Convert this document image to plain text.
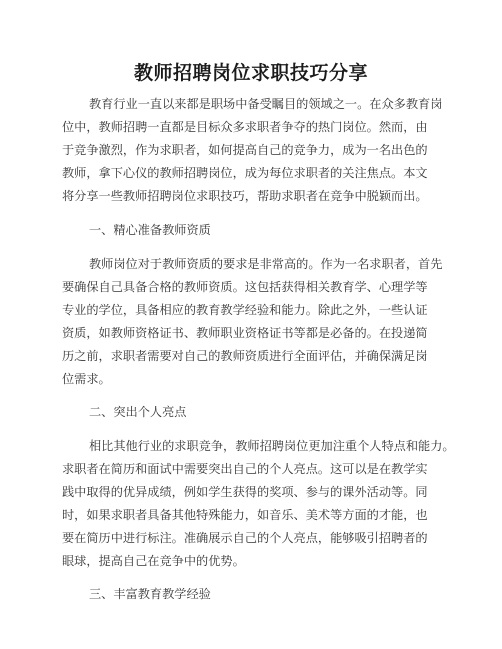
教师招聘岗位求职技巧分享
教育行业一直以来都是职场中备受瞩目的领域之一。在众多教育岗
位中，教师招聘一直都是目标众多求职者争夺的热门岗位。然而，由
于竞争激烈，作为求职者，如何提高自己的竞争力，成为一名出色的
教师，拿下心仪的教师招聘岗位，成为每位求职者的关注焦点。本文
将分享一些教师招聘岗位求职技巧，帮助求职者在竞争中脱颖而出。
一、精心准备教师资质
教师岗位对于教师资质的要求是非常高的。作为一名求职者，首先
要确保自己具备合格的教师资质。这包括获得相关教育学、心理学等
专业的学位，具备相应的教育教学经验和能力。除此之外，一些认证
资质，如教师资格证书、教师职业资格证书等都是必备的。在投递简
历之前，求职者需要对自己的教师资质进行全面评估，并确保满足岗
位需求。
二、突出个人亮点
相比其他行业的求职竞争，教师招聘岗位更加注重个人特点和能力。
求职者在简历和面试中需要突出自己的个人亮点。这可以是在教学实
践中取得的优异成绩，例如学生获得的奖项、参与的课外活动等。同
时，如果求职者具备其他特殊能力，如音乐、美术等方面的才能，也
要在简历中进行标注。准确展示自己的个人亮点，能够吸引招聘者的
眼球，提高自己在竞争中的优势。
三、丰富教育教学经验
